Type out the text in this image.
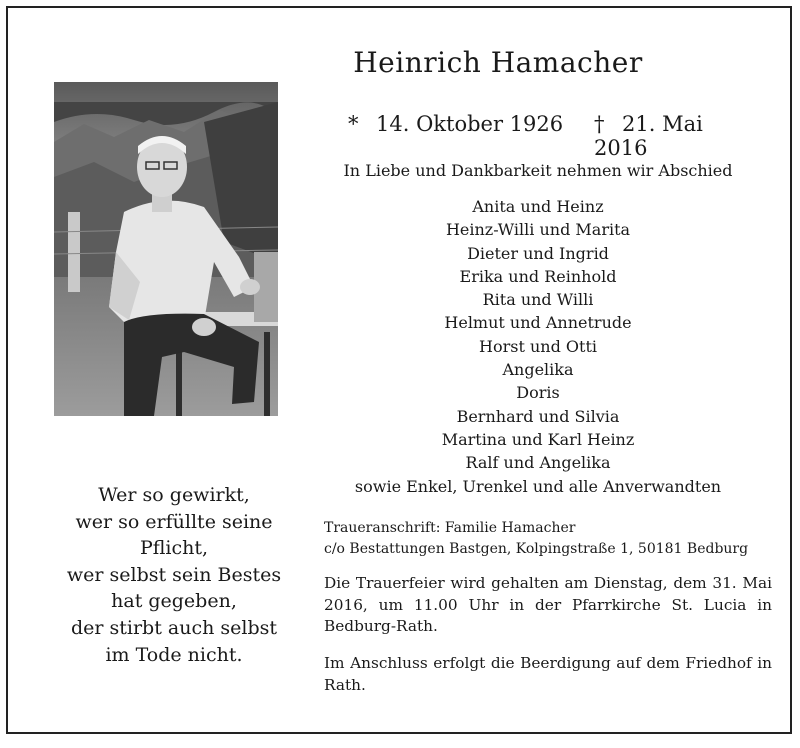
Heinrich Hamacher
* 14. Oktober 1926 † 21. Mai 2016
In Liebe und Dankbarkeit nehmen wir Abschied
Anita und Heinz
Heinz-Willi und Marita
Dieter und Ingrid
Erika und Reinhold
Rita und Willi
Helmut und Annetrude
Horst und Otti
Angelika
Doris
Bernhard und Silvia
Martina und Karl Heinz
Ralf und Angelika
sowie Enkel, Urenkel und alle Anverwandten
Wer so gewirkt,
wer so erfüllte seine
Pflicht,
wer selbst sein Bestes
hat gegeben,
der stirbt auch selbst
im Tode nicht.
Traueranschrift: Familie Hamacher
c/o Bestattungen Bastgen, Kolpingstraße 1, 50181 Bedburg
Die Trauerfeier wird gehalten am Dienstag, dem 31. Mai 2016, um 11.00 Uhr in der Pfarrkirche St. Lucia in Bedburg-Rath.
Im Anschluss erfolgt die Beerdigung auf dem Friedhof in Rath.
